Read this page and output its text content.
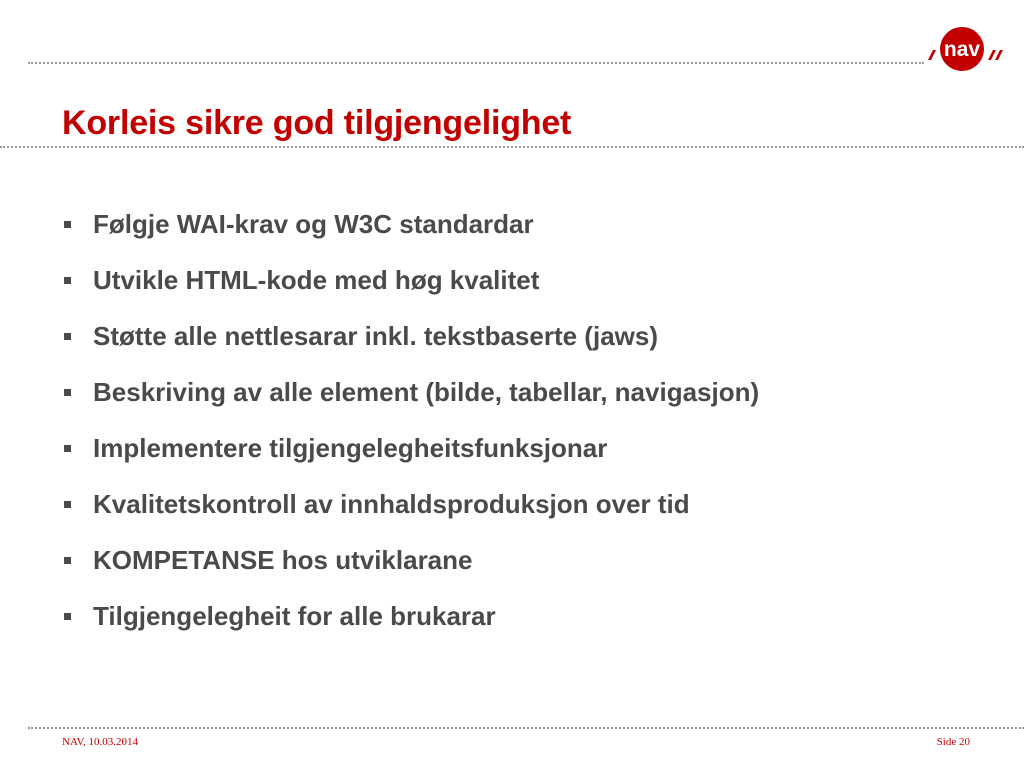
nav
Korleis sikre god tilgjengelighet
Følgje WAI-krav og W3C standardar
Utvikle HTML-kode med høg kvalitet
Støtte alle nettlesarar inkl. tekstbaserte (jaws)
Beskriving av alle element (bilde, tabellar, navigasjon)
Implementere tilgjengelegheitsfunksjonar
Kvalitetskontroll av innhaldsproduksjon over tid
KOMPETANSE hos utviklarane
Tilgjengelegheit for alle brukarar
NAV, 10.03.2014	Side 20
